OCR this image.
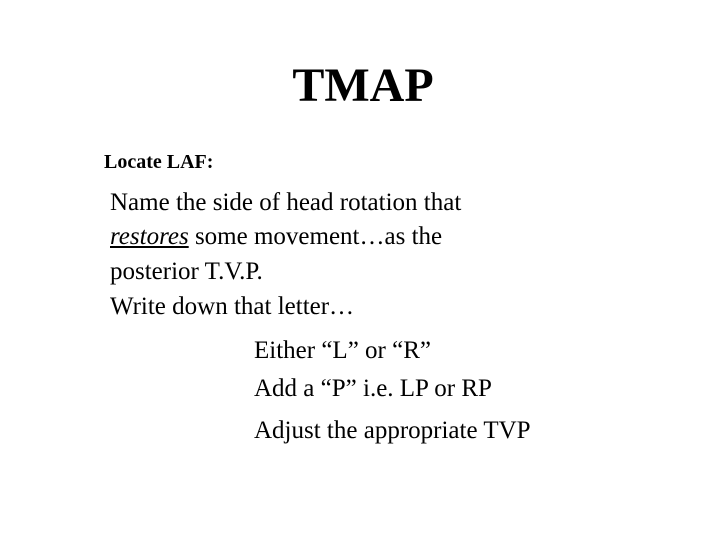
TMAP
Locate LAF:
Name the side of head rotation that
restores some movement…as the
posterior T.V.P.
Write down that letter…
Either “L” or “R”
Add a “P” i.e. LP or RP
Adjust the appropriate TVP
